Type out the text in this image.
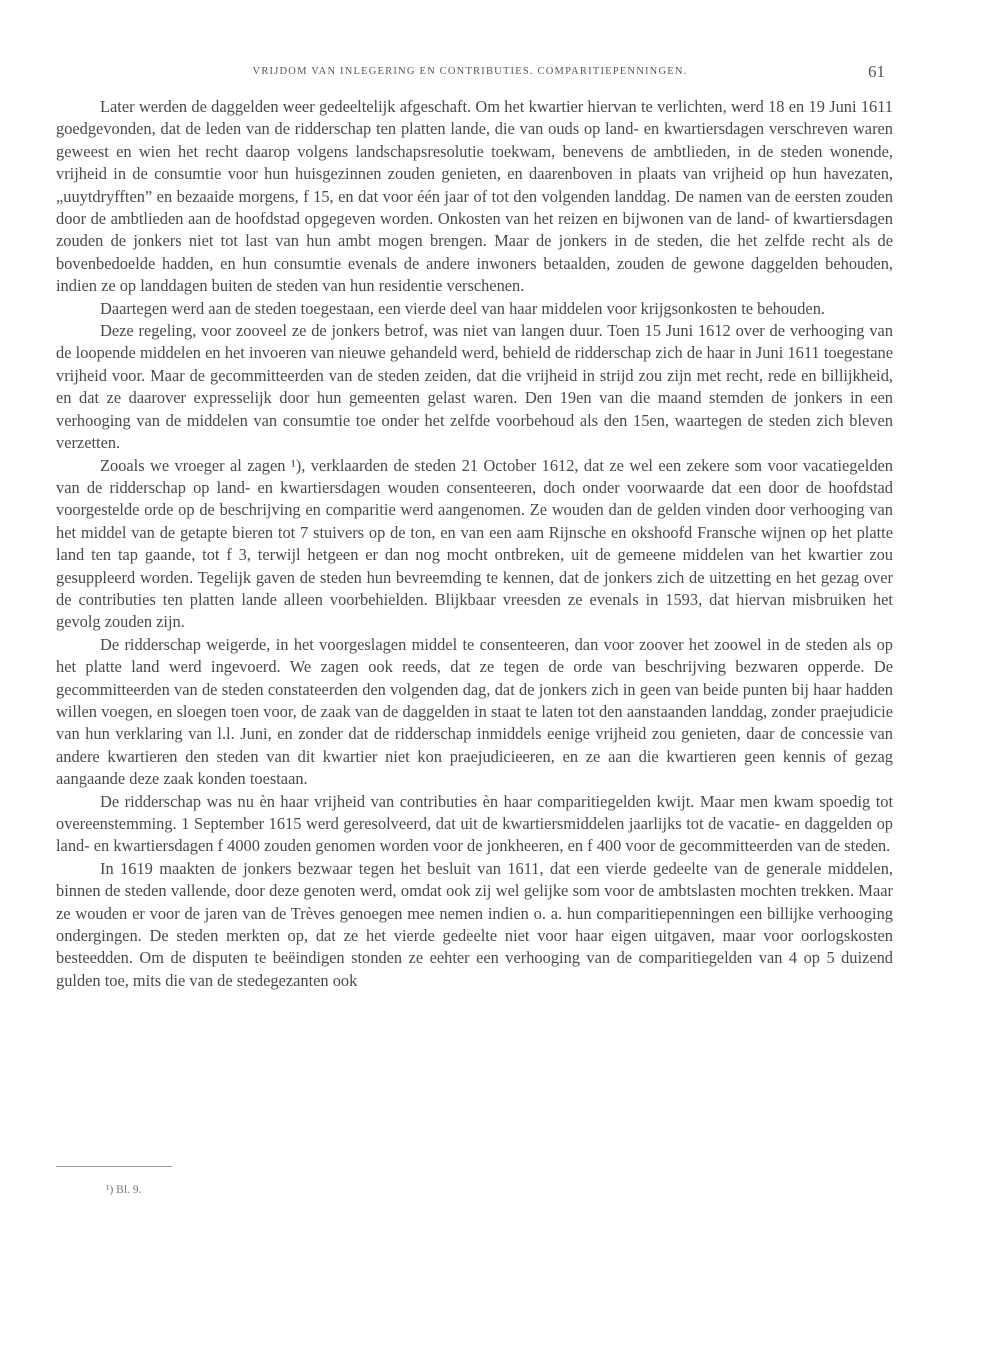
VRIJDOM VAN INLEGERING EN CONTRIBUTIES. COMPARITIEPENNINGEN.	61

Later werden de daggelden weer gedeeltelijk afgeschaft. Om het kwartier hiervan te verlichten, werd 18 en 19 Juni 1611 goedgevonden, dat de leden van de ridderschap ten platten lande, die van ouds op land- en kwartiersdagen verschreven waren geweest en wien het recht daarop volgens landschapsresolutie toekwam, benevens de ambtlieden, in de steden wonende, vrijheid in de consumtie voor hun huisgezinnen zouden genieten, en daarenboven in plaats van vrijheid op hun havezaten, „uuytdryfften” en bezaaide morgens, f 15, en dat voor één jaar of tot den volgenden landdag. De namen van de eersten zouden door de ambtlieden aan de hoofdstad opgegeven worden. Onkosten van het reizen en bijwonen van de land- of kwartiersdagen zouden de jonkers niet tot last van hun ambt mogen brengen. Maar de jonkers in de steden, die het zelfde recht als de bovenbedoelde hadden, en hun consumtie evenals de andere inwoners betaalden, zouden de gewone daggelden behouden, indien ze op landdagen buiten de steden van hun residentie verschenen.

Daartegen werd aan de steden toegestaan, een vierde deel van haar middelen voor krijgsonkosten te behouden.

Deze regeling, voor zooveel ze de jonkers betrof, was niet van langen duur. Toen 15 Juni 1612 over de verhooging van de loopende middelen en het invoeren van nieuwe gehandeld werd, behield de ridderschap zich de haar in Juni 1611 toegestane vrijheid voor. Maar de gecommitteerden van de steden zeiden, dat die vrijheid in strijd zou zijn met recht, rede en billijkheid, en dat ze daarover expresselijk door hun gemeenten gelast waren. Den 19en van die maand stemden de jonkers in een verhooging van de middelen van consumtie toe onder het zelfde voorbehoud als den 15en, waartegen de steden zich bleven verzetten.

Zooals we vroeger al zagen ¹), verklaarden de steden 21 October 1612, dat ze wel een zekere som voor vacatiegelden van de ridderschap op land- en kwartiersdagen wouden consenteeren, doch onder voorwaarde dat een door de hoofdstad voorgestelde orde op de beschrijving en comparitie werd aangenomen. Ze wouden dan de gelden vinden door verhooging van het middel van de getapte bieren tot 7 stuivers op de ton, en van een aam Rijnsche en okshoofd Fransche wijnen op het platte land ten tap gaande, tot f 3, terwijl hetgeen er dan nog mocht ontbreken, uit de gemeene middelen van het kwartier zou gesuppleerd worden. Tegelijk gaven de steden hun bevreemding te kennen, dat de jonkers zich de uitzetting en het gezag over de contributies ten platten lande alleen voorbehielden. Blijkbaar vreesden ze evenals in 1593, dat hiervan misbruiken het gevolg zouden zijn.

De ridderschap weigerde, in het voorgeslagen middel te consenteeren, dan voor zoover het zoowel in de steden als op het platte land werd ingevoerd. We zagen ook reeds, dat ze tegen de orde van beschrijving bezwaren opperde. De gecommitteerden van de steden constateerden den volgenden dag, dat de jonkers zich in geen van beide punten bij haar hadden willen voegen, en sloegen toen voor, de zaak van de daggelden in staat te laten tot den aanstaanden landdag, zonder praejudicie van hun verklaring van l.l. Juni, en zonder dat de ridderschap inmiddels eenige vrijheid zou genieten, daar de concessie van andere kwartieren den steden van dit kwartier niet kon praejudicieeren, en ze aan die kwartieren geen kennis of gezag aangaande deze zaak konden toestaan.

De ridderschap was nu èn haar vrijheid van contributies èn haar comparitiegelden kwijt. Maar men kwam spoedig tot overeenstemming. 1 September 1615 werd geresolveerd, dat uit de kwartiersmiddelen jaarlijks tot de vacatie- en daggelden op land- en kwartiersdagen f 4000 zouden genomen worden voor de jonkheeren, en f 400 voor de gecommitteerden van de steden.

In 1619 maakten de jonkers bezwaar tegen het besluit van 1611, dat een vierde gedeelte van de generale middelen, binnen de steden vallende, door deze genoten werd, omdat ook zij wel gelijke som voor de ambtslasten mochten trekken. Maar ze wouden er voor de jaren van de Trèves genoegen mee nemen indien o. a. hun comparitiepenningen een billijke verhooging ondergingen. De steden merkten op, dat ze het vierde gedeelte niet voor haar eigen uitgaven, maar voor oorlogskosten besteedden. Om de disputen te beëindigen stonden ze eehter een verhooging van de comparitiegelden van 4 op 5 duizend gulden toe, mits die van de stedegezanten ook

¹) Bl. 9.
